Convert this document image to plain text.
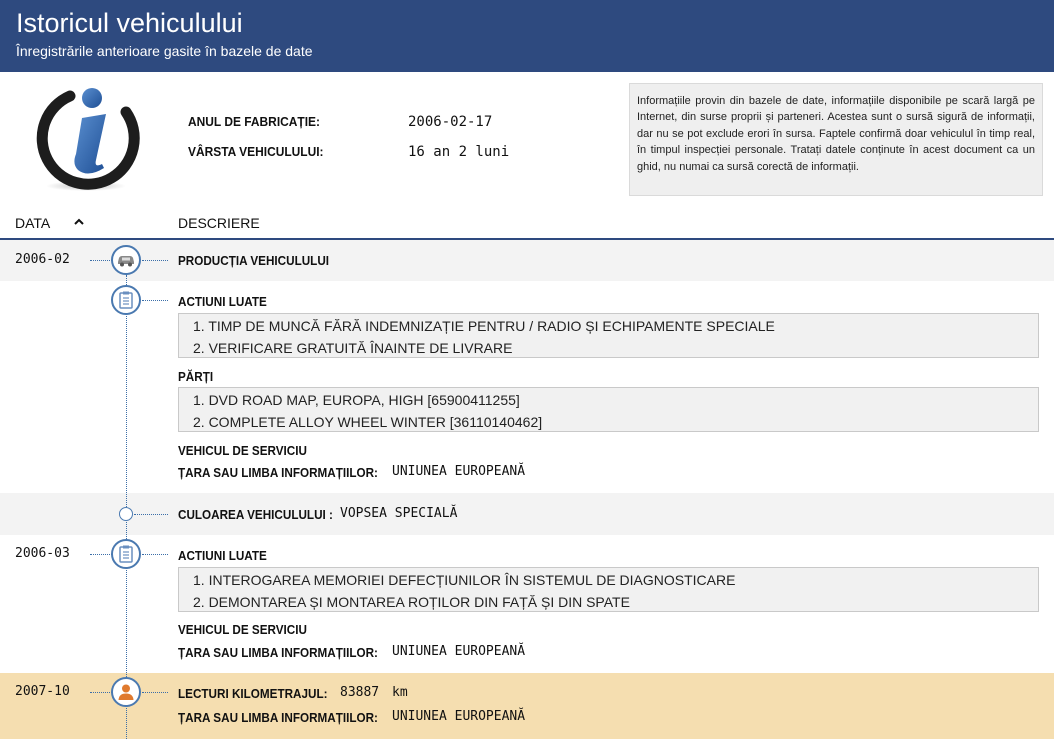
Istoricul vehiculului
Înregistrările anterioare gasite în bazele de date
ANUL DE FABRICAȚIE:	2006-02-17
VÂRSTA VEHICULULUI:	16 an 2 luni
Informațiile provin din bazele de date, informațiile disponibile pe scară largă pe Internet, din surse proprii și parteneri. Acestea sunt o sursă sigură de informații, dar nu se pot exclude erori în sursa. Faptele confirmă doar vehiculul în timp real, în timpul inspecției personale. Tratați datele conținute în acest document ca un ghid, nu numai ca sursă corectă de informații.
DATA	DESCRIERE
2006-02	PRODUCȚIA VEHICULULUI
ACTIUNI LUATE
1. TIMP DE MUNCĂ FĂRĂ INDEMNIZAȚIE PENTRU / RADIO ȘI ECHIPAMENTE SPECIALE
2. VERIFICARE GRATUITĂ ÎNAINTE DE LIVRARE
PĂRȚI
1. DVD ROAD MAP, EUROPA, HIGH [65900411255]
2. COMPLETE ALLOY WHEEL WINTER [36110140462]
VEHICUL DE SERVICIU
ȚARA SAU LIMBA INFORMAȚIILOR: UNIUNEA EUROPEANĂ
CULOAREA VEHICULULUI : VOPSEA SPECIALĂ
2006-03	ACTIUNI LUATE
1. INTEROGAREA MEMORIEI DEFECȚIUNILOR ÎN SISTEMUL DE DIAGNOSTICARE
2. DEMONTAREA ȘI MONTAREA ROȚILOR DIN FAȚĂ ȘI DIN SPATE
VEHICUL DE SERVICIU
ȚARA SAU LIMBA INFORMAȚIILOR: UNIUNEA EUROPEANĂ
2007-10	LECTURI KILOMETRAJUL: 83887 km
ȚARA SAU LIMBA INFORMAȚIILOR: UNIUNEA EUROPEANĂ
